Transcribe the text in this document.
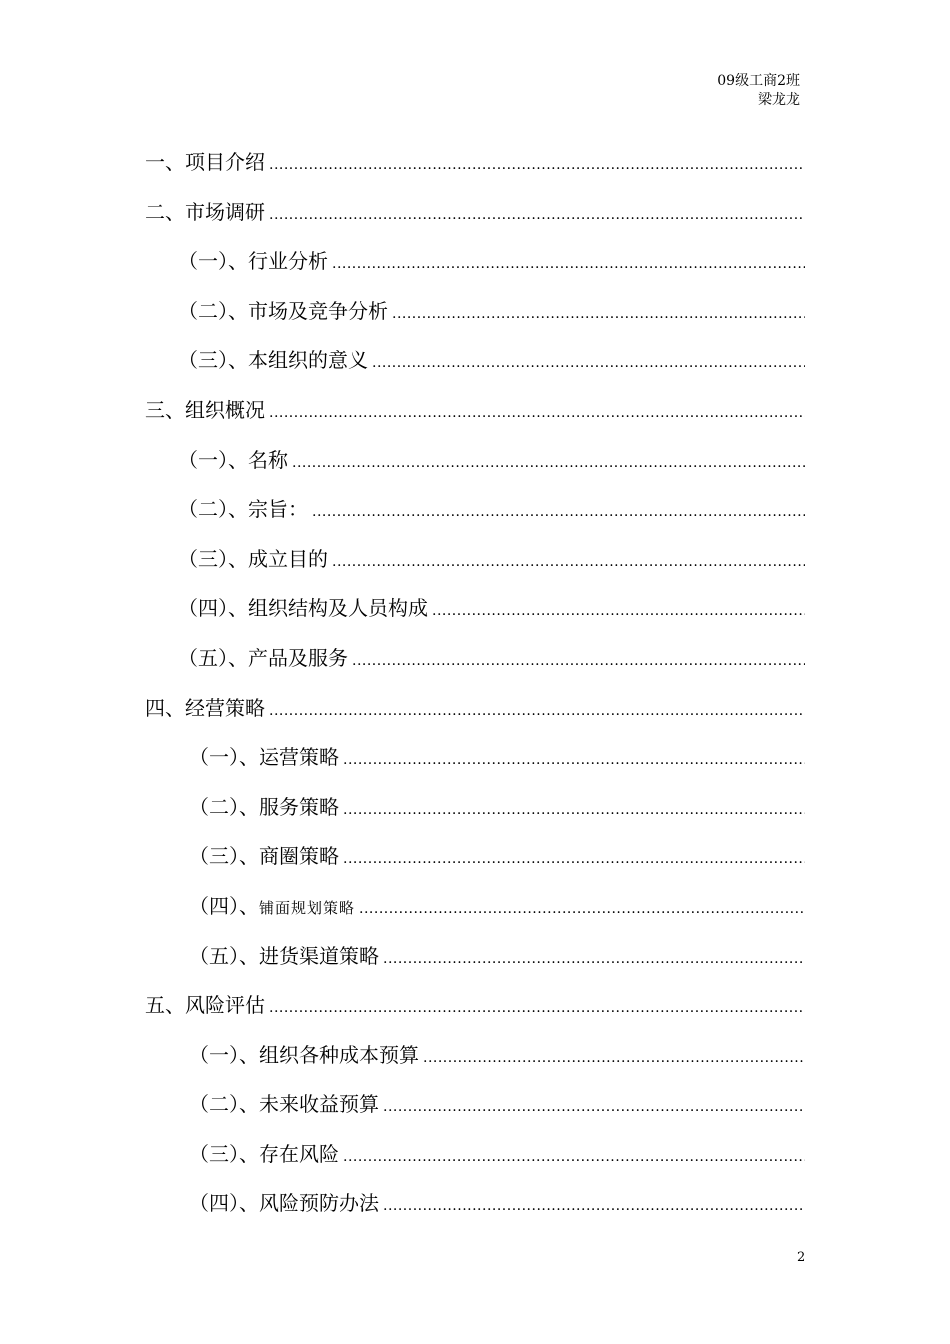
09级工商2班
梁龙龙
一、项目介绍
.....
二、市场调研
.....
（一）、行业分析
.....
（二）、市场及竞争分析
.....
（三）、本组织的意义
.....
三、组织概况
.....
（一）、名称
.....
（二）、宗旨：
.....
（三）、成立目的
.....
（四）、组织结构及人员构成
.....
（五）、产品及服务
.....
四、经营策略
.....
（一）、运营策略
.....
（二）、服务策略
.....
（三）、商圈策略
.....
（四）、 铺面规划策略
.....
（五）、进货渠道策略
.....
五、风险评估
.....
（一）、组织各种成本预算
.....
（二）、未来收益预算
.....
（三）、存在风险
.....
（四）、风险预防办法
.....
2
